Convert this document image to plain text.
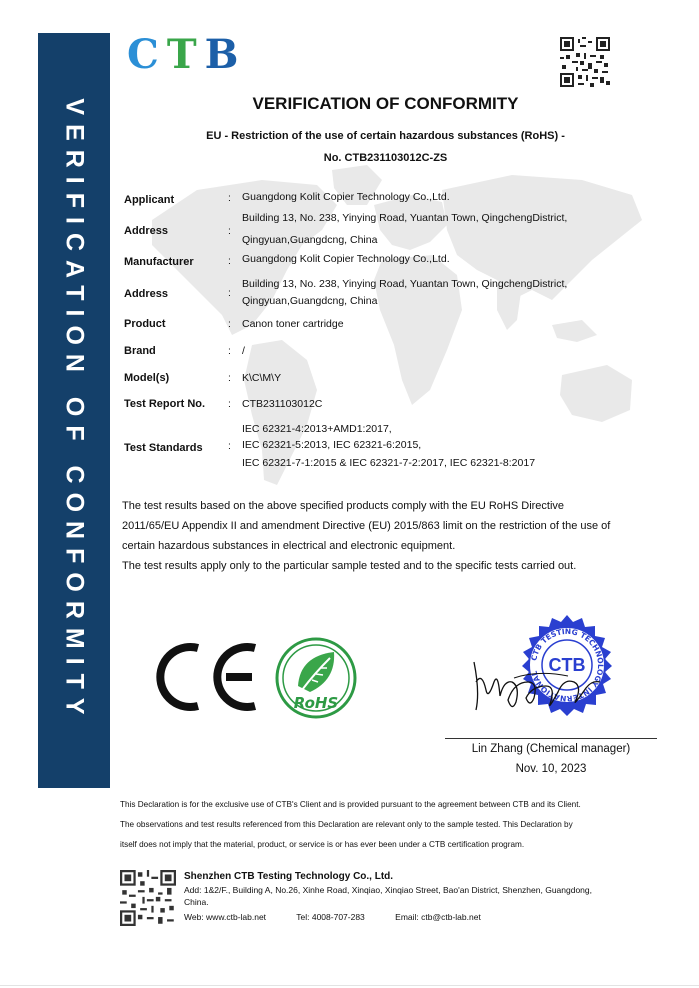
VERIFICATION OF CONFORMITY
C T B
VERIFICATION OF CONFORMITY
EU - Restriction of the use of certain hazardous substances (RoHS) -
No. CTB231103012C-ZS
Applicant	: Guangdong Kolit Copier Technology Co.,Ltd.
Address	:
Building 13, No. 238, Yinying Road, Yuantan Town, QingchengDistrict,
Qingyuan,Guangdcng, China
Manufacturer	: Guangdong Kolit Copier Technology Co.,Ltd.
Address	:
Building 13, No. 238, Yinying Road, Yuantan Town, QingchengDistrict,
Qingyuan,Guangdcng, China
Product	: Canon toner cartridge
Brand	: /
Model(s)	: K\C\M\Y
Test Report No. : CTB231103012C
Test Standards :
IEC 62321-4:2013+AMD1:2017,
IEC 62321-5:2013, IEC 62321-6:2015,
IEC 62321-7-1:2015 & IEC 62321-7-2:2017, IEC 62321-8:2017
The test results based on the above specified products comply with the EU RoHS Directive
2011/65/EU Appendix II and amendment Directive (EU) 2015/863 limit on the restriction of the use of
certain hazardous substances in electrical and electronic equipment.
The test results apply only to the particular sample tested and to the specific tests carried out.
RoHS
CTB TESTING TECHNOLOGY INTERNATIONAL CTB
Lin Zhang (Chemical manager)
Nov. 10, 2023
This Declaration is for the exclusive use of CTB's Client and is provided pursuant to the agreement between CTB and its Client.
The observations and test results referenced from this Declaration are relevant only to the sample tested. This Declaration by
itself does not imply that the material, product, or service is or has ever been under a CTB certification program.
Shenzhen CTB Testing Technology Co., Ltd.
Add: 1&2/F., Building A, No.26, Xinhe Road, Xinqiao, Xinqiao Street, Bao'an District, Shenzhen, Guangdong,
China.
Web: www.ctb-lab.net	Tel: 4008-707-283	Email: ctb@ctb-lab.net
